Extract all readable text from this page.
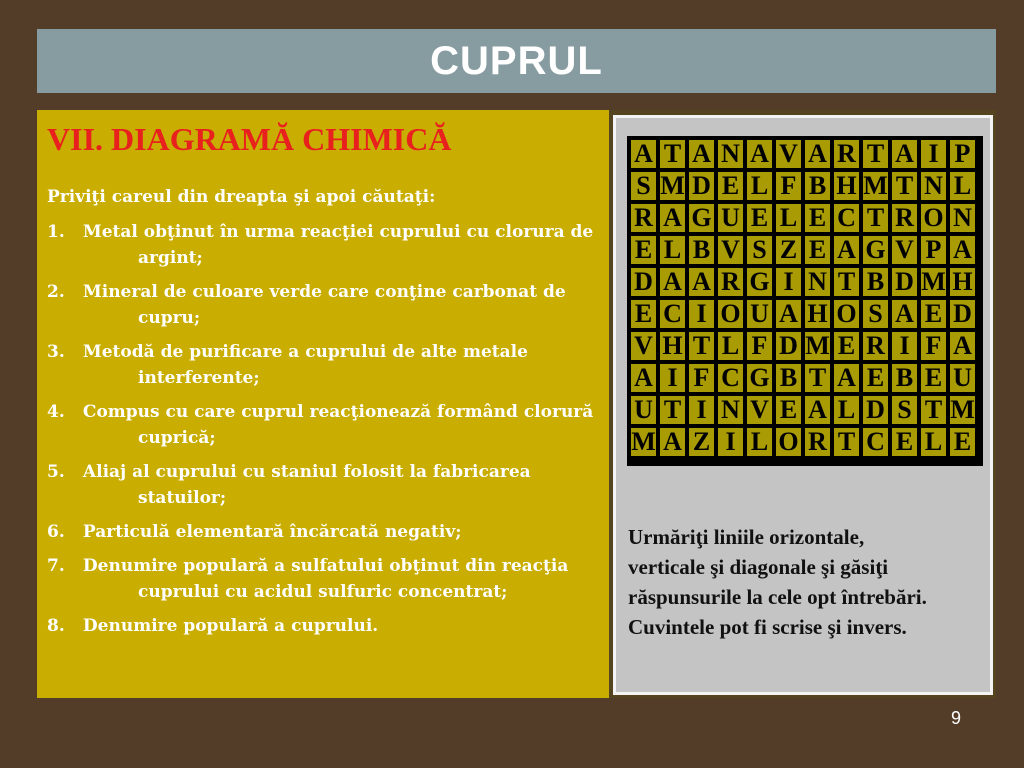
CUPRUL
VII. DIAGRAMĂ CHIMICĂ

Priviţi careul din dreapta şi apoi căutaţi:

1. Metal obţinut în urma reacţiei cuprului cu clorura de argint;
2. Mineral de culoare verde care conţine carbonat de cupru;
3. Metodă de purificare a cuprului de alte metale interferente;
4. Compus cu care cuprul reacţionează formând clorură cuprică;
5. Aliaj al cuprului cu staniul folosit la fabricarea statuilor;
6. Particulă elementară încărcată negativ;
7. Denumire populară a sulfatului obţinut din reacţia cuprului cu acidul sulfuric concentrat;
8. Denumire populară a cuprului.
A T A N A V A R T A I P
S M D E L F B H M T N L
R A G U E L E C T R O N
E L B V S Z E A G V P A
D A A R G I N T B D M H
E C I O U A H O S A E D
V H T L F D M E R I F A
A I F C G B T A E B E U
U T I N V E A L D S T M
M A Z I L O R T C E L E
Urmăriţi liniile orizontale,
verticale şi diagonale şi găsiţi
răspunsurile la cele opt întrebări.
Cuvintele pot fi scrise şi invers.
9
